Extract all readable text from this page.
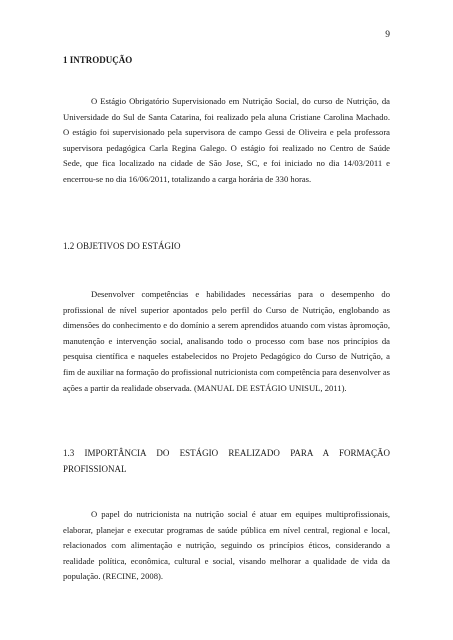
9
1 INTRODUÇÃO

O Estágio Obrigatório Supervisionado em Nutrição Social, do curso de Nutrição, da Universidade do Sul de Santa Catarina, foi realizado pela aluna Cristiane Carolina Machado. O estágio foi supervisionado pela supervisora de campo Gessi de Oliveira e pela professora supervisora pedagógica Carla Regina Galego. O estágio foi realizado no Centro de Saúde Sede, que fica localizado na cidade de São Jose, SC, e foi iniciado no dia 14/03/2011 e encerrou-se no dia 16/06/2011, totalizando a carga horária de 330 horas.

1.2 OBJETIVOS DO ESTÁGIO

Desenvolver competências e habilidades necessárias para o desempenho do profissional de nível superior apontados pelo perfil do Curso de Nutrição, englobando as dimensões do conhecimento e do domínio a serem aprendidos atuando com vistas àpromoção, manutenção e intervenção social, analisando todo o processo com base nos princípios da pesquisa científica e naqueles estabelecidos no Projeto Pedagógico do Curso de Nutrição, a fim de auxiliar na formação do profissional nutricionista com competência para desenvolver as ações a partir da realidade observada. (MANUAL DE ESTÁGIO UNISUL, 2011).

1.3 IMPORTÂNCIA DO ESTÁGIO REALIZADO PARA A FORMAÇÃO PROFISSIONAL

O papel do nutricionista na nutrição social é atuar em equipes multiprofissionais, elaborar, planejar e executar programas de saúde pública em nível central, regional e local, relacionados com alimentação e nutrição, seguindo os princípios éticos, considerando a realidade política, econômica, cultural e social, visando melhorar a qualidade de vida da população. (RECINE, 2008).
